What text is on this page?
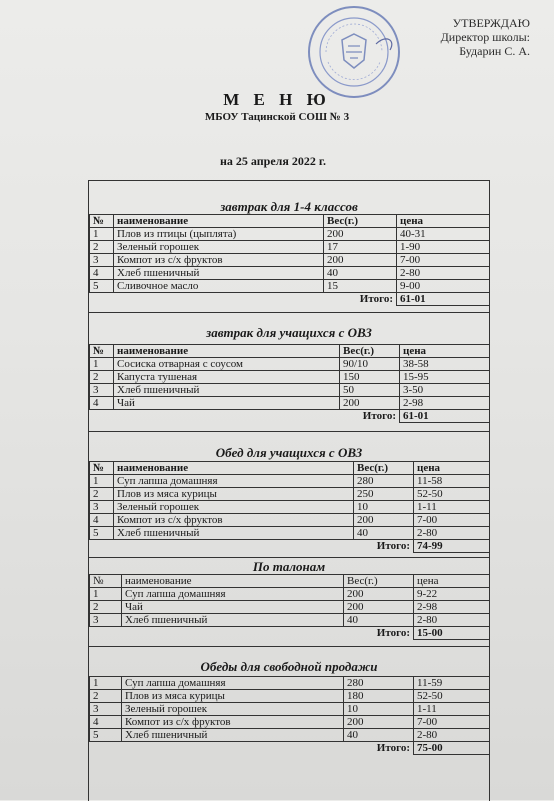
УТВЕРЖДАЮ
Директор школы:
Бударин С. А.
М Е Н Ю
МБОУ Тацинской СОШ № 3
на 25 апреля 2022 г.
завтрак для 1-4 классов
№	наименование	Вес(г.)	цена
1	Плов из птицы (цыплята)	200	40-31
2	Зеленый горошек	17	1-90
3	Компот из с/х фруктов	200	7-00
4	Хлеб пшеничный	40	2-80
5	Сливочное масло	15	9-00
Итого:			61-01
завтрак для учащихся с ОВЗ
№	наименование	Вес(г.)	цена
1	Сосиска отварная с соусом	90/10	38-58
2	Капуста тушеная	150	15-95
3	Хлеб пшеничный	50	3-50
4	Чай	200	2-98
Итого:			61-01
Обед для учащихся с ОВЗ
№	наименование	Вес(г.)	цена
1	Суп лапша домашняя	280	11-58
2	Плов из мяса курицы	250	52-50
3	Зеленый горошек	10	1-11
4	Компот из с/х фруктов	200	7-00
5	Хлеб пшеничный	40	2-80
Итого:			74-99
По талонам
№	наименование	Вес(г.)	цена
1	Суп лапша домашняя	200	9-22
2	Чай	200	2-98
3	Хлеб пшеничный	40	2-80
Итого:			15-00
Обеды для свободной продажи
1	Суп лапша домашняя	280	11-59
2	Плов из мяса курицы	180	52-50
3	Зеленый горошек	10	1-11
4	Компот из с/х фруктов	200	7-00
5	Хлеб пшеничный	40	2-80
Итого:			75-00
